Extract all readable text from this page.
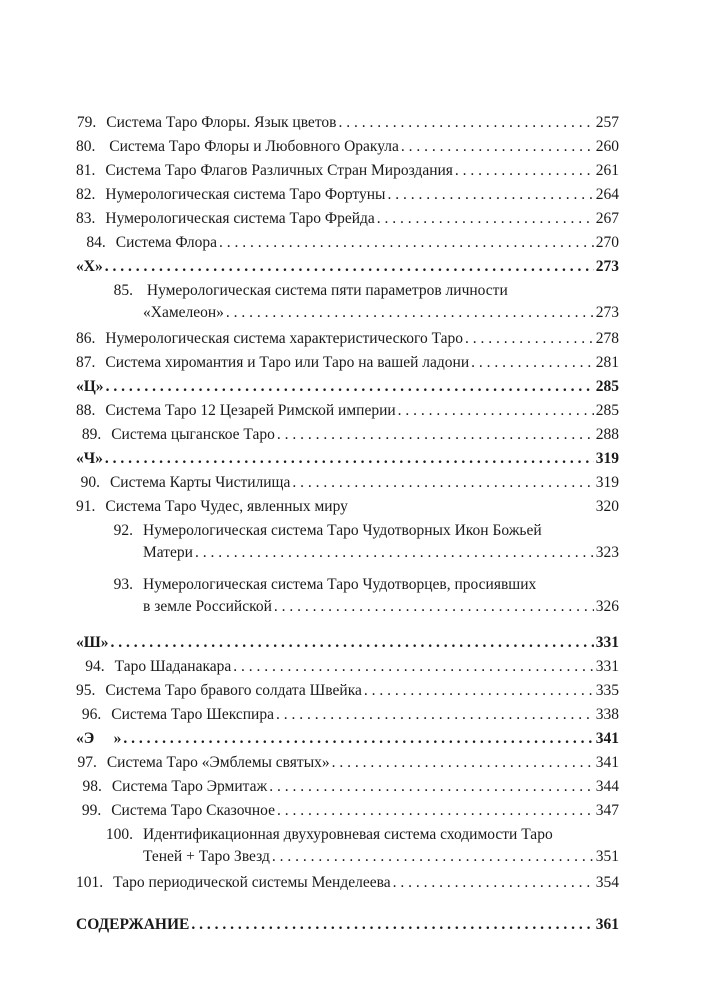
79. Система Таро Флоры. Язык цветов . . .	257
80. Система Таро Флоры и Любовного Оракула . . .	260
81. Система Таро Флагов Различных Стран Мироздания . . .	261
82. Нумерологическая система Таро Фортуны . . .	264
83. Нумерологическая система Таро Фрейда . . .	267
84. Система Флора . . .	270
«Х» . . .	273
85. Нумерологическая система пяти параметров личности
«Хамелеон» . . .	273
86. Нумерологическая система характеристического Таро . . .	278
87. Система хиромантия и Таро или Таро на вашей ладони . . .	281
«Ц» . . .	285
88. Система Таро 12 Цезарей Римской империи . . .	285
89. Система цыганское Таро . . .	288
«Ч» . . .	319
90. Система Карты Чистилища . . .	319
91. Система Таро Чудес, явленных миру	320
92. Нумерологическая система Таро Чудотворных Икон Божьей
Матери . . .	323
93. Нумерологическая система Таро Чудотворцев, просиявших
в земле Российской . . .	326
«Ш» . . .	331
94. Таро Шаданакара . . .	331
95. Система Таро бравого солдата Швейка . . .	335
96. Система Таро Шекспира . . .	338
«Э     » . . .	341
97. Система Таро «Эмблемы святых» . . .	341
98. Система Таро Эрмитаж . . .	344
99. Система Таро Сказочное . . .	347
100. Идентификационная двухуровневая система сходимости Таро
Теней + Таро Звезд . . .	351
101. Таро периодической системы Менделеева . . .	354
СОДЕРЖАНИЕ . . .	361
